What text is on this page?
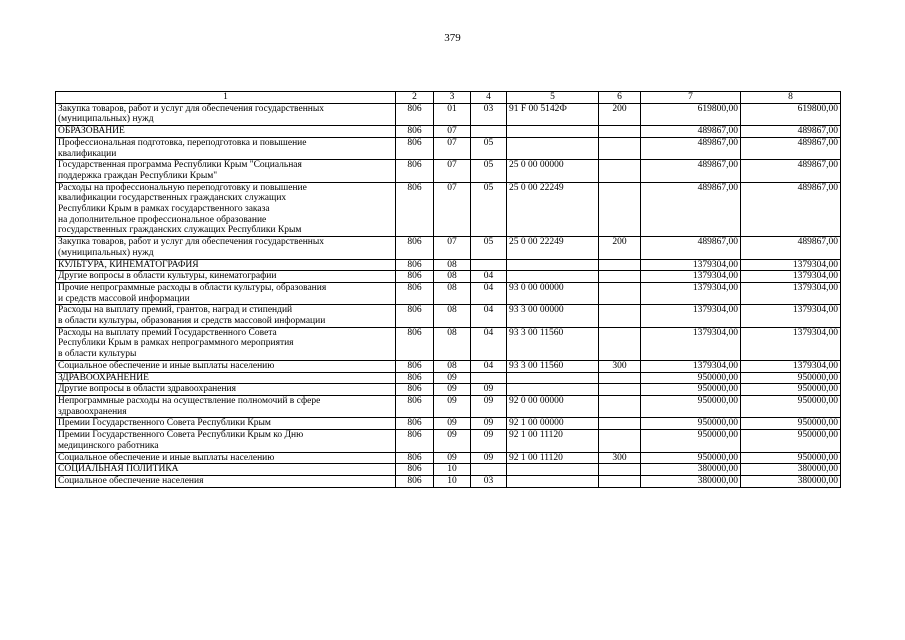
379
1	2	3	4	5	6	7	8

Закупка товаров, работ и услуг для обеспечения государственных
(муниципальных) нужд	806	01	03	91 F 00 5142Ф	200	619800,00	619800,00

ОБРАЗОВАНИЕ	806	07				489867,00	489867,00

Профессиональная подготовка, переподготовка и повышение
квалификации	806	07	05			489867,00	489867,00

Государственная программа Республики Крым "Социальная
поддержка граждан Республики Крым"	806	07	05	25 0 00 00000		489867,00	489867,00

Расходы на профессиональную переподготовку и повышение
квалификации государственных гражданских служащих
Республики Крым в рамках государственного заказа
на дополнительное профессиональное образование
государственных гражданских служащих Республики Крым	806	07	05	25 0 00 22249		489867,00	489867,00

Закупка товаров, работ и услуг для обеспечения государственных
(муниципальных) нужд	806	07	05	25 0 00 22249	200	489867,00	489867,00

КУЛЬТУРА, КИНЕМАТОГРАФИЯ	806	08				1379304,00	1379304,00

Другие вопросы в области культуры, кинематографии	806	08	04			1379304,00	1379304,00

Прочие непрограммные расходы в области культуры, образования
и средств массовой информации	806	08	04	93 0 00 00000		1379304,00	1379304,00

Расходы на выплату премий, грантов, наград и стипендий
в области культуры, образования и средств массовой информации	806	08	04	93 3 00 00000		1379304,00	1379304,00

Расходы на выплату премий Государственного Совета
Республики Крым в рамках непрограммного мероприятия
в области культуры	806	08	04	93 3 00 11560		1379304,00	1379304,00

Социальное обеспечение и иные выплаты населению	806	08	04	93 3 00 11560	300	1379304,00	1379304,00

ЗДРАВООХРАНЕНИЕ	806	09				950000,00	950000,00

Другие вопросы в области здравоохранения	806	09	09			950000,00	950000,00

Непрограммные расходы на осуществление полномочий в сфере
здравоохранения	806	09	09	92 0 00 00000		950000,00	950000,00

Премии Государственного Совета Республики Крым	806	09	09	92 1 00 00000		950000,00	950000,00

Премии Государственного Совета Республики Крым ко Дню
медицинского работника	806	09	09	92 1 00 11120		950000,00	950000,00

Социальное обеспечение и иные выплаты населению	806	09	09	92 1 00 11120	300	950000,00	950000,00

СОЦИАЛЬНАЯ ПОЛИТИКА	806	10				380000,00	380000,00

Социальное обеспечение населения	806	10	03			380000,00	380000,00
